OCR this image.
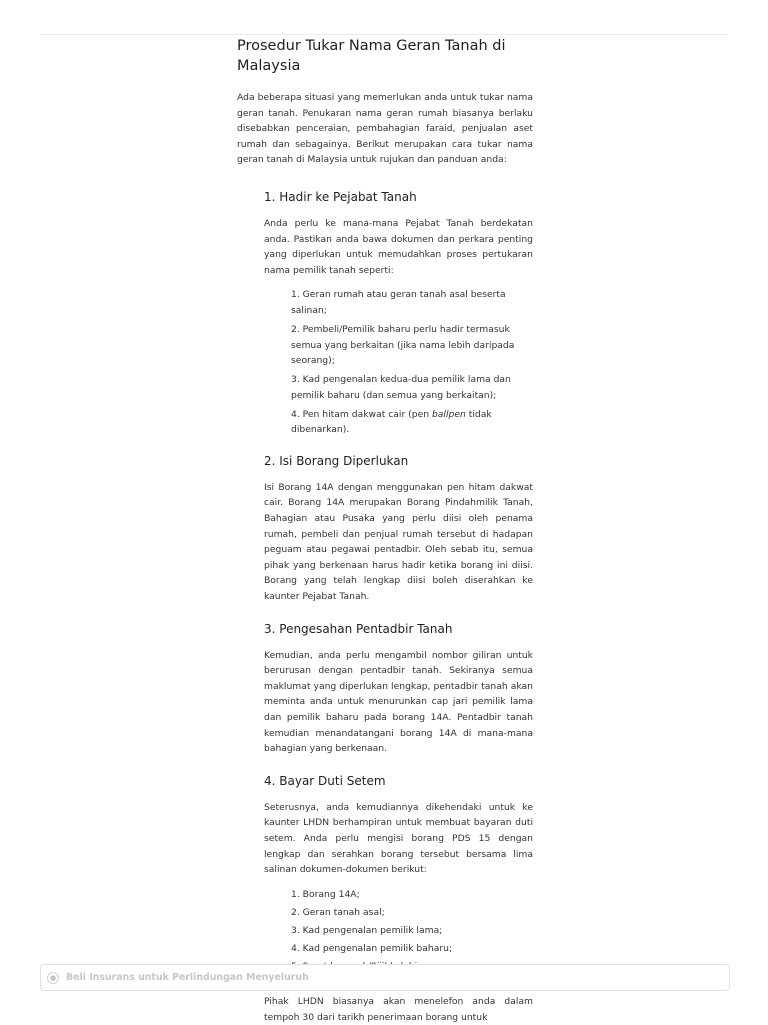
Prosedur Tukar Nama Geran Tanah di Malaysia

Ada beberapa situasi yang memerlukan anda untuk tukar nama geran tanah. Penukaran nama geran rumah biasanya berlaku disebabkan penceraian, pembahagian faraid, penjualan aset rumah dan sebagainya. Berikut merupakan cara tukar nama geran tanah di Malaysia untuk rujukan dan panduan anda:

1. Hadir ke Pejabat Tanah

Anda perlu ke mana-mana Pejabat Tanah berdekatan anda. Pastikan anda bawa dokumen dan perkara penting yang diperlukan untuk memudahkan proses pertukaran nama pemilik tanah seperti:

1. Geran rumah atau geran tanah asal beserta salinan;
2. Pembeli/Pemilik baharu perlu hadir termasuk semua yang berkaitan (jika nama lebih daripada seorang);
3. Kad pengenalan kedua-dua pemilik lama dan pemilik baharu (dan semua yang berkaitan);
4. Pen hitam dakwat cair (pen ballpen tidak dibenarkan).
2. Isi Borang Diperlukan

Isi Borang 14A dengan menggunakan pen hitam dakwat cair. Borang 14A merupakan Borang Pindahmilik Tanah, Bahagian atau Pusaka yang perlu diisi oleh penama rumah, pembeli dan penjual rumah tersebut di hadapan peguam atau pegawai pentadbir. Oleh sebab itu, semua pihak yang berkenaan harus hadir ketika borang ini diisi. Borang yang telah lengkap diisi boleh diserahkan ke kaunter Pejabat Tanah.

3. Pengesahan Pentadbir Tanah

Kemudian, anda perlu mengambil nombor giliran untuk berurusan dengan pentadbir tanah. Sekiranya semua maklumat yang diperlukan lengkap, pentadbir tanah akan meminta anda untuk menurunkan cap jari pemilik lama dan pemilik baharu pada borang 14A. Pentadbir tanah kemudian menandatangani borang 14A di mana-mana bahagian yang berkenaan.

4. Bayar Duti Setem

Seterusnya, anda kemudiannya dikehendaki untuk ke kaunter LHDN berhampiran untuk membuat bayaran duti setem. Anda perlu mengisi borang PDS 15 dengan lengkap dan serahkan borang tersebut bersama lima salinan dokumen-dokumen berikut:

1. Borang 14A;
2. Geran tanah asal;
3. Kad pengenalan pemilik lama;
4. Kad pengenalan pemilik baharu;

Pihak LHDN biasanya akan menelefon anda dalam tempoh 30 dari tarikh penerimaan borang untuk

●	Beli Insurans untuk Perlindungan Menyeluruh
